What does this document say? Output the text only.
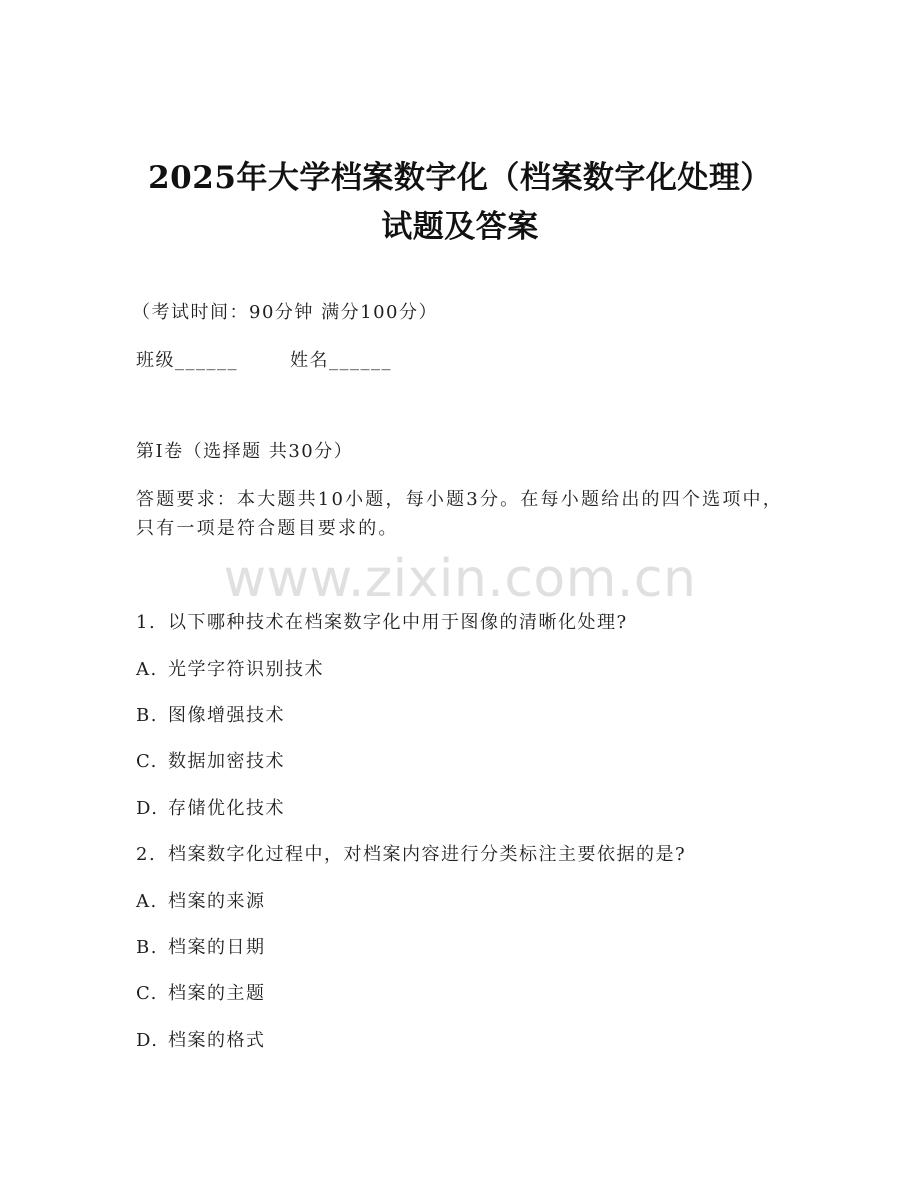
2025年大学档案数字化（档案数字化处理）
试题及答案
（考试时间：90分钟 满分100分）
班级______	姓名______
第I卷（选择题 共30分）
答题要求：本大题共10小题，每小题3分。在每小题给出的四个选项中，只有一项是符合题目要求的。
www.zixin.com.cn
1. 以下哪种技术在档案数字化中用于图像的清晰化处理?
A. 光学字符识别技术
B. 图像增强技术
C. 数据加密技术
D. 存储优化技术
2. 档案数字化过程中，对档案内容进行分类标注主要依据的是?
A. 档案的来源
B. 档案的日期
C. 档案的主题
D. 档案的格式
